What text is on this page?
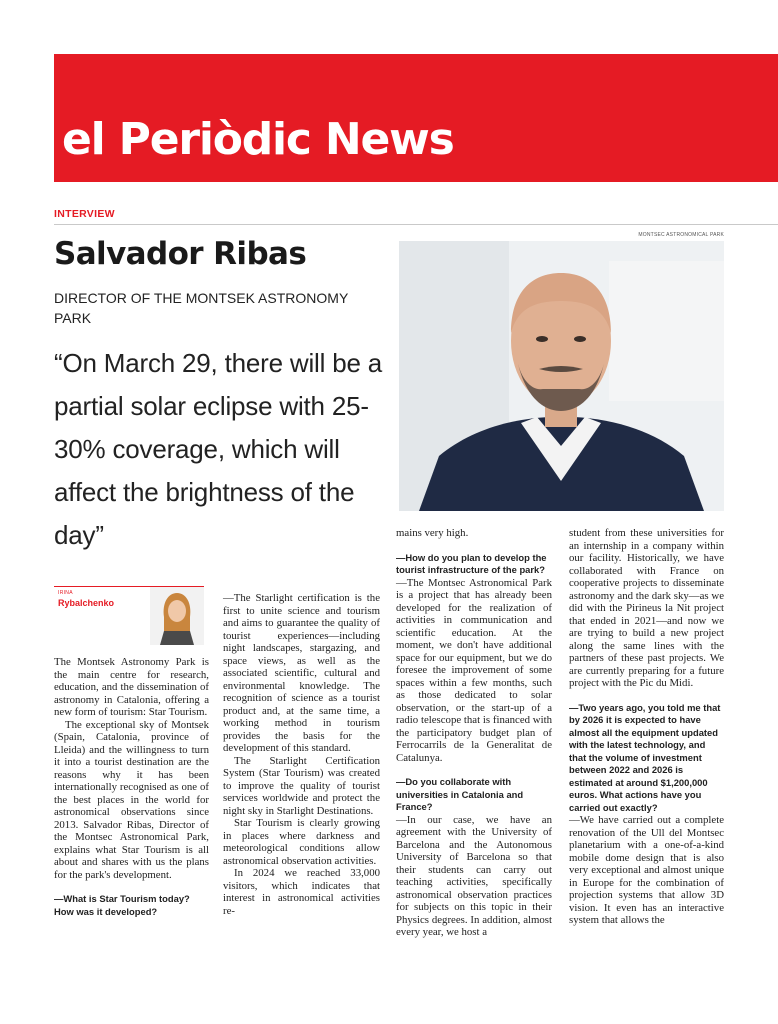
el Periòdic News
INTERVIEW
MONTSEC ASTRONOMICAL PARK
Salvador Ribas
DIRECTOR OF THE MONTSEK ASTRONOMY PARK
“On March 29, there will be a partial solar eclipse with 25-30% coverage, which will affect the brightness of the day”
IRINA
Rybalchenko

The Montsek Astronomy Park is the main centre for research, education, and the dissemination of astronomy in Catalonia, offering a new form of tourism: Star Tourism.

The exceptional sky of Montsek (Spain, Catalonia, province of Lleida) and the willingness to turn it into a tourist destination are the reasons why it has been internationally recognised as one of the best places in the world for astronomical observations since 2013. Salvador Ribas, Director of the Montsec Astronomical Park, explains what Star Tourism is all about and shares with us the plans for the park's development.

—What is Star Tourism today? How was it developed?

—The Starlight certification is the first to unite science and tourism and aims to guarantee the quality of tourist experiences—including night landscapes, stargazing, and space views, as well as the associated scientific, cultural and environmental knowledge. The recognition of science as a tourist product and, at the same time, a working method in tourism provides the basis for the development of this standard.

The Starlight Certification System (Star Tourism) was created to improve the quality of tourist services worldwide and protect the night sky in Starlight Destinations.

Star Tourism is clearly growing in places where darkness and meteorological conditions allow astronomical observation activities.

In 2024 we reached 33,000 visitors, which indicates that interest in astronomical activities re-

mains very high.

—How do you plan to develop the tourist infrastructure of the park?

—The Montsec Astronomical Park is a project that has already been developed for the realization of activities in communication and scientific education. At the moment, we don't have additional space for our equipment, but we do foresee the improvement of some spaces within a few months, such as those dedicated to solar observation, or the start-up of a radio telescope that is financed with the participatory budget plan of Ferrocarrils de la Generalitat de Catalunya.

—Do you collaborate with universities in Catalonia and France?

—In our case, we have an agreement with the University of Barcelona and the Autonomous University of Barcelona so that their students can carry out teaching activities, specifically astronomical observation practices for subjects on this topic in their Physics degrees. In addition, almost every year, we host a

student from these universities for an internship in a company within our facility. Historically, we have collaborated with France on cooperative projects to disseminate astronomy and the dark sky—as we did with the Pirineus la Nit project that ended in 2021—and now we are trying to build a new project along the same lines with the partners of these past projects. We are currently preparing for a future project with the Pic du Midi.

—Two years ago, you told me that by 2026 it is expected to have almost all the equipment updated with the latest technology, and that the volume of investment between 2022 and 2026 is estimated at around $1,200,000 euros. What actions have you carried out exactly?

—We have carried out a complete renovation of the Ull del Montsec planetarium with a one-of-a-kind mobile dome design that is also very exceptional and almost unique in Europe for the combination of projection systems that allow 3D vision. It even has an interactive system that allows the
